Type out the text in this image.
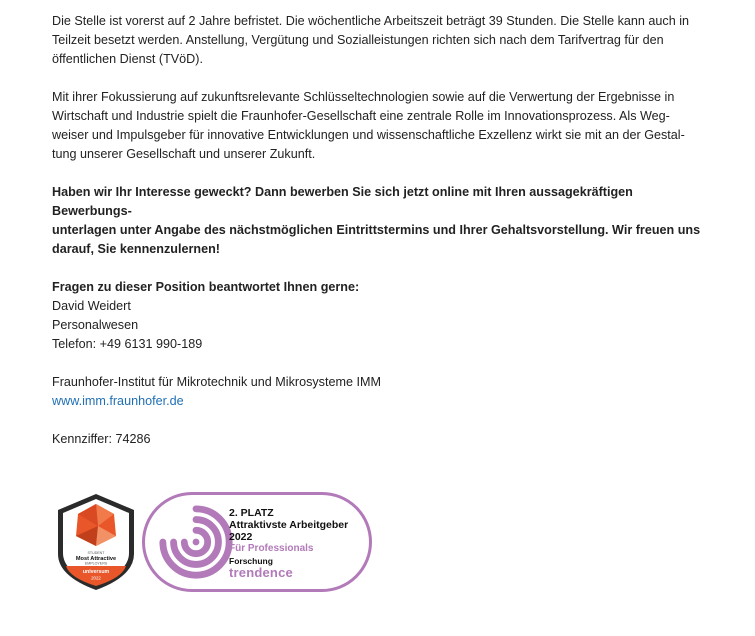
Die Stelle ist vorerst auf 2 Jahre befristet. Die wöchentliche Arbeitszeit beträgt 39 Stunden. Die Stelle kann auch in
Teilzeit besetzt werden. Anstellung, Vergütung und Sozialleistungen richten sich nach dem Tarifvertrag für den
öffentlichen Dienst (TVöD).

Mit ihrer Fokussierung auf zukunftsrelevante Schlüsseltechnologien sowie auf die Verwertung der Ergebnisse in
Wirtschaft und Industrie spielt die Fraunhofer-Gesellschaft eine zentrale Rolle im Innovationsprozess. Als Weg-
weiser und Impulsgeber für innovative Entwicklungen und wissenschaftliche Exzellenz wirkt sie mit an der Gestal-
tung unserer Gesellschaft und unserer Zukunft.

Haben wir Ihr Interesse geweckt? Dann bewerben Sie sich jetzt online mit Ihren aussagekräftigen Bewerbungs-
unterlagen unter Angabe des nächstmöglichen Eintrittstermins und Ihrer Gehaltsvorstellung. Wir freuen uns
darauf, Sie kennenzulernen!

Fragen zu dieser Position beantwortet Ihnen gerne:
David Weidert
Personalwesen
Telefon: +49 6131 990-189

Fraunhofer-Institut für Mikrotechnik und Mikrosysteme IMM
www.imm.fraunhofer.de

Kennziffer: 74286

STUDENT
Most Attractive
EMPLOYERS
universum
2022
2. PLATZ
Attraktivste Arbeitgeber
2022
Für Professionals
Forschung
trendence
